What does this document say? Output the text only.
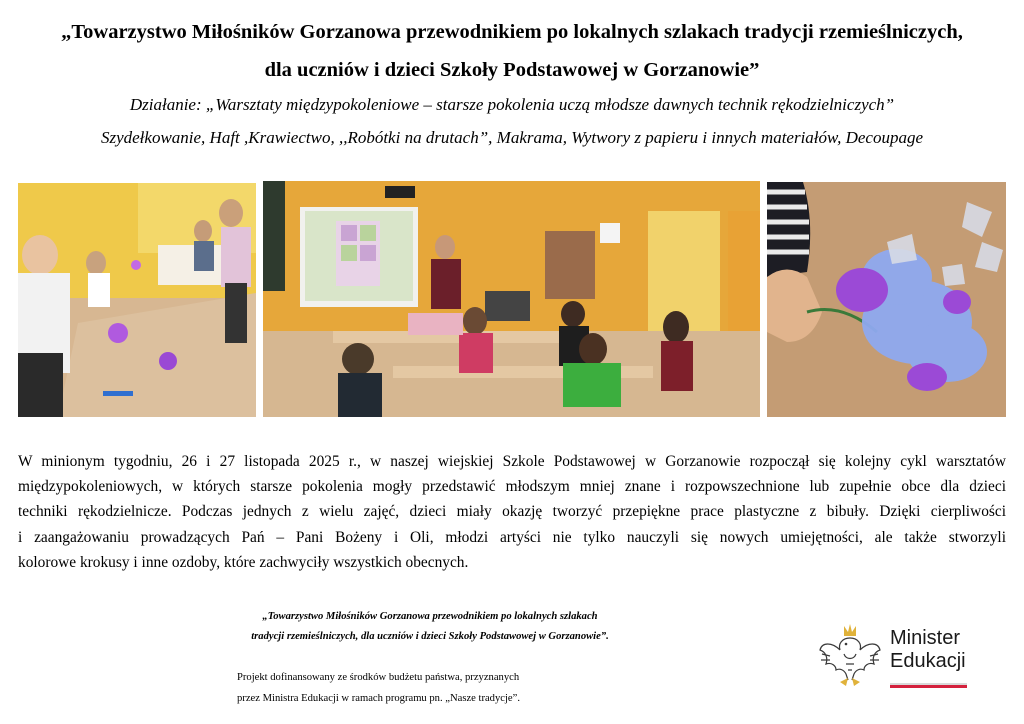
„Towarzystwo Miłośników Gorzanowa przewodnikiem po lokalnych szlakach tradycji rzemieślniczych,
dla uczniów i dzieci Szkoły Podstawowej w Gorzanowie”
Działanie: „Warsztaty międzypokoleniowe – starsze pokolenia uczą młodsze dawnych technik rękodzielniczych”
Szydełkowanie, Haft ,Krawiectwo, ,,Robótki na drutach”, Makrama, Wytwory z papieru i innych materiałów, Decoupage
W minionym tygodniu, 26 i 27 listopada 2025 r., w naszej wiejskiej Szkole Podstawowej w Gorzanowie rozpoczął się kolejny cykl warsztatów
międzypokoleniowych, w których starsze pokolenia mogły przedstawić młodszym mniej znane i rozpowszechnione lub zupełnie obce dla dzieci
techniki rękodzielnicze. Podczas jednych z wielu zajęć, dzieci miały okazję tworzyć przepiękne prace plastyczne z bibuły. Dzięki cierpliwości
i zaangażowaniu prowadzących Pań – Pani Bożeny i Oli, młodzi artyści nie tylko nauczyli się nowych umiejętności, ale także stworzyli
kolorowe krokusy i inne ozdoby, które zachwyciły wszystkich obecnych.
„Towarzystwo Miłośników Gorzanowa przewodnikiem po lokalnych szlakach
tradycji rzemieślniczych, dla uczniów i dzieci Szkoły Podstawowej w Gorzanowie”.
Projekt dofinansowany ze środków budżetu państwa, przyznanych
przez Ministra Edukacji w ramach programu pn. „Nasze tradycje”.
Minister
Edukacji
